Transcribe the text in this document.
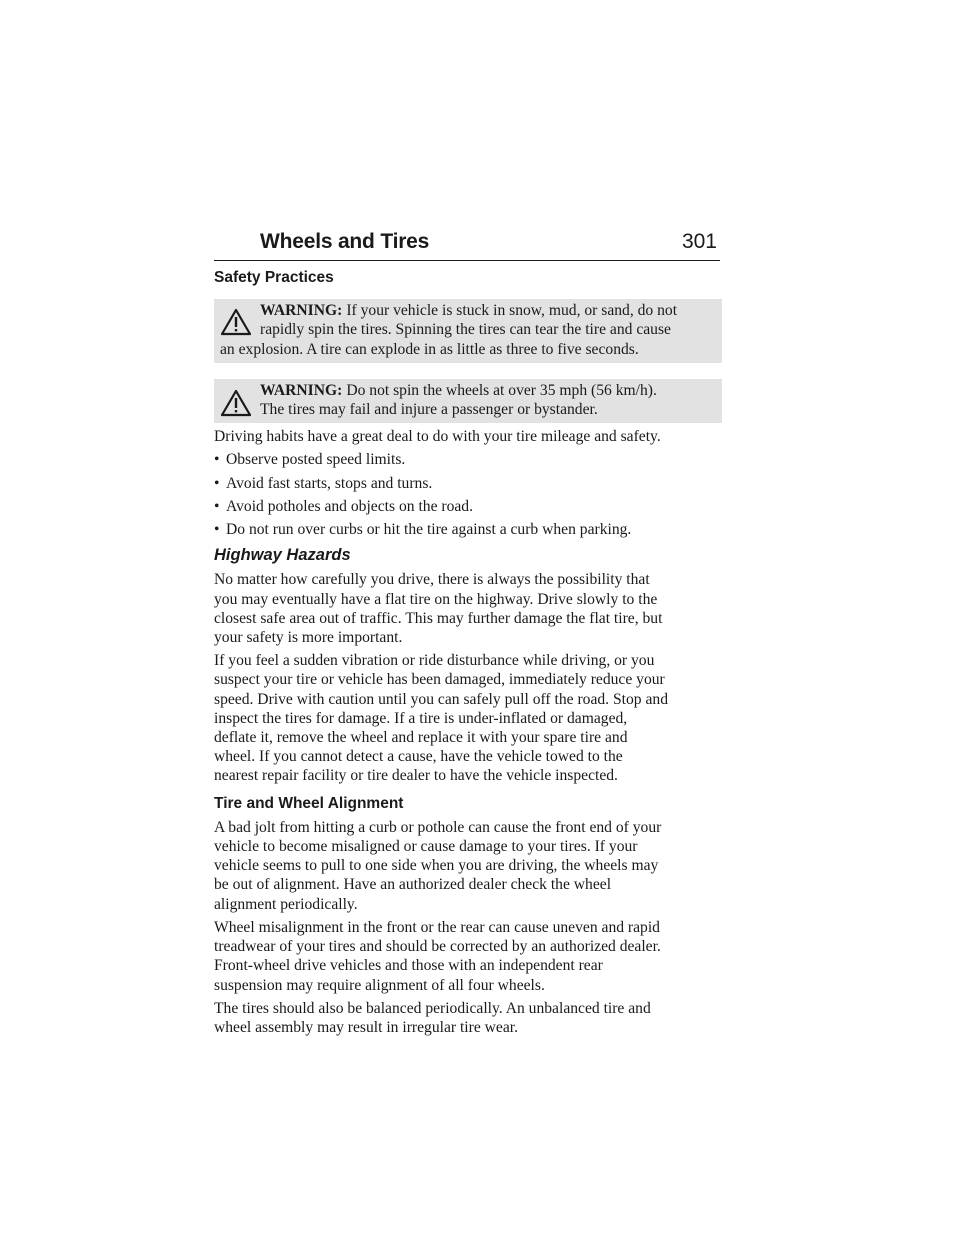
Wheels and Tires	301
Safety Practices

WARNING: If your vehicle is stuck in snow, mud, or sand, do not

rapidly spin the tires. Spinning the tires can tear the tire and cause

an explosion. A tire can explode in as little as three to five seconds.

WARNING: Do not spin the wheels at over 35 mph (56 km/h).

The tires may fail and injure a passenger or bystander.

Driving habits have a great deal to do with your tire mileage and safety.

• Observe posted speed limits.
• Avoid fast starts, stops and turns.
• Avoid potholes and objects on the road.
• Do not run over curbs or hit the tire against a curb when parking.
Highway Hazards

No matter how carefully you drive, there is always the possibility that
you may eventually have a flat tire on the highway. Drive slowly to the
closest safe area out of traffic. This may further damage the flat tire, but
your safety is more important.

If you feel a sudden vibration or ride disturbance while driving, or you
suspect your tire or vehicle has been damaged, immediately reduce your
speed. Drive with caution until you can safely pull off the road. Stop and
inspect the tires for damage. If a tire is under-inflated or damaged,
deflate it, remove the wheel and replace it with your spare tire and
wheel. If you cannot detect a cause, have the vehicle towed to the
nearest repair facility or tire dealer to have the vehicle inspected.

Tire and Wheel Alignment

A bad jolt from hitting a curb or pothole can cause the front end of your
vehicle to become misaligned or cause damage to your tires. If your
vehicle seems to pull to one side when you are driving, the wheels may
be out of alignment. Have an authorized dealer check the wheel
alignment periodically.

Wheel misalignment in the front or the rear can cause uneven and rapid
treadwear of your tires and should be corrected by an authorized dealer.
Front-wheel drive vehicles and those with an independent rear
suspension may require alignment of all four wheels.

The tires should also be balanced periodically. An unbalanced tire and
wheel assembly may result in irregular tire wear.
